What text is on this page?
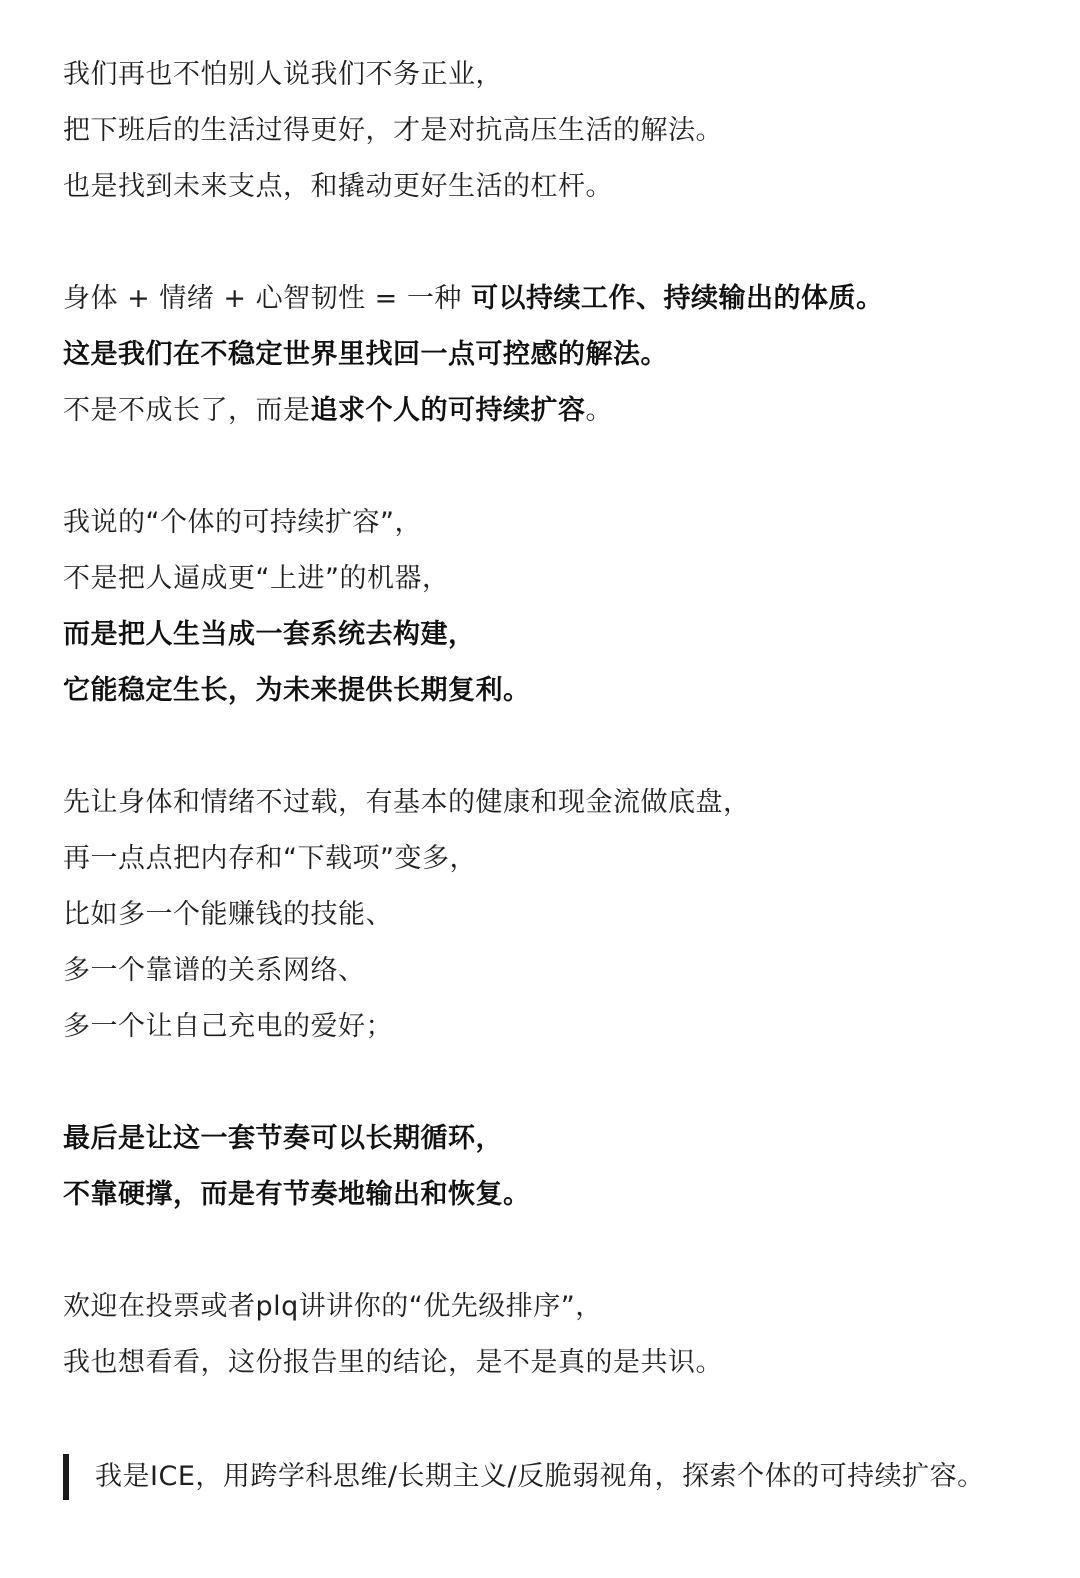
我们再也不怕别人说我们不务正业，
把下班后的生活过得更好，才是对抗高压生活的解法。
也是找到未来支点，和撬动更好生活的杠杆。
身体 + 情绪 + 心智韧性 = 一种 可以持续工作、持续输出的体质。
这是我们在不稳定世界里找回一点可控感的解法。
不是不成长了，而是追求个人的可持续扩容。
我说的“个体的可持续扩容”，
不是把人逼成更“上进”的机器，
而是把人生当成一套系统去构建，
它能稳定生长，为未来提供长期复利。
先让身体和情绪不过载，有基本的健康和现金流做底盘，
再一点点把内存和“下载项”变多，
比如多一个能赚钱的技能、
多一个靠谱的关系网络、
多一个让自己充电的爱好；
最后是让这一套节奏可以长期循环，
不靠硬撑，而是有节奏地输出和恢复。
欢迎在投票或者plq讲讲你的“优先级排序”，
我也想看看，这份报告里的结论，是不是真的是共识。
我是ICE，用跨学科思维/长期主义/反脆弱视角，探索个体的可持续扩容。
